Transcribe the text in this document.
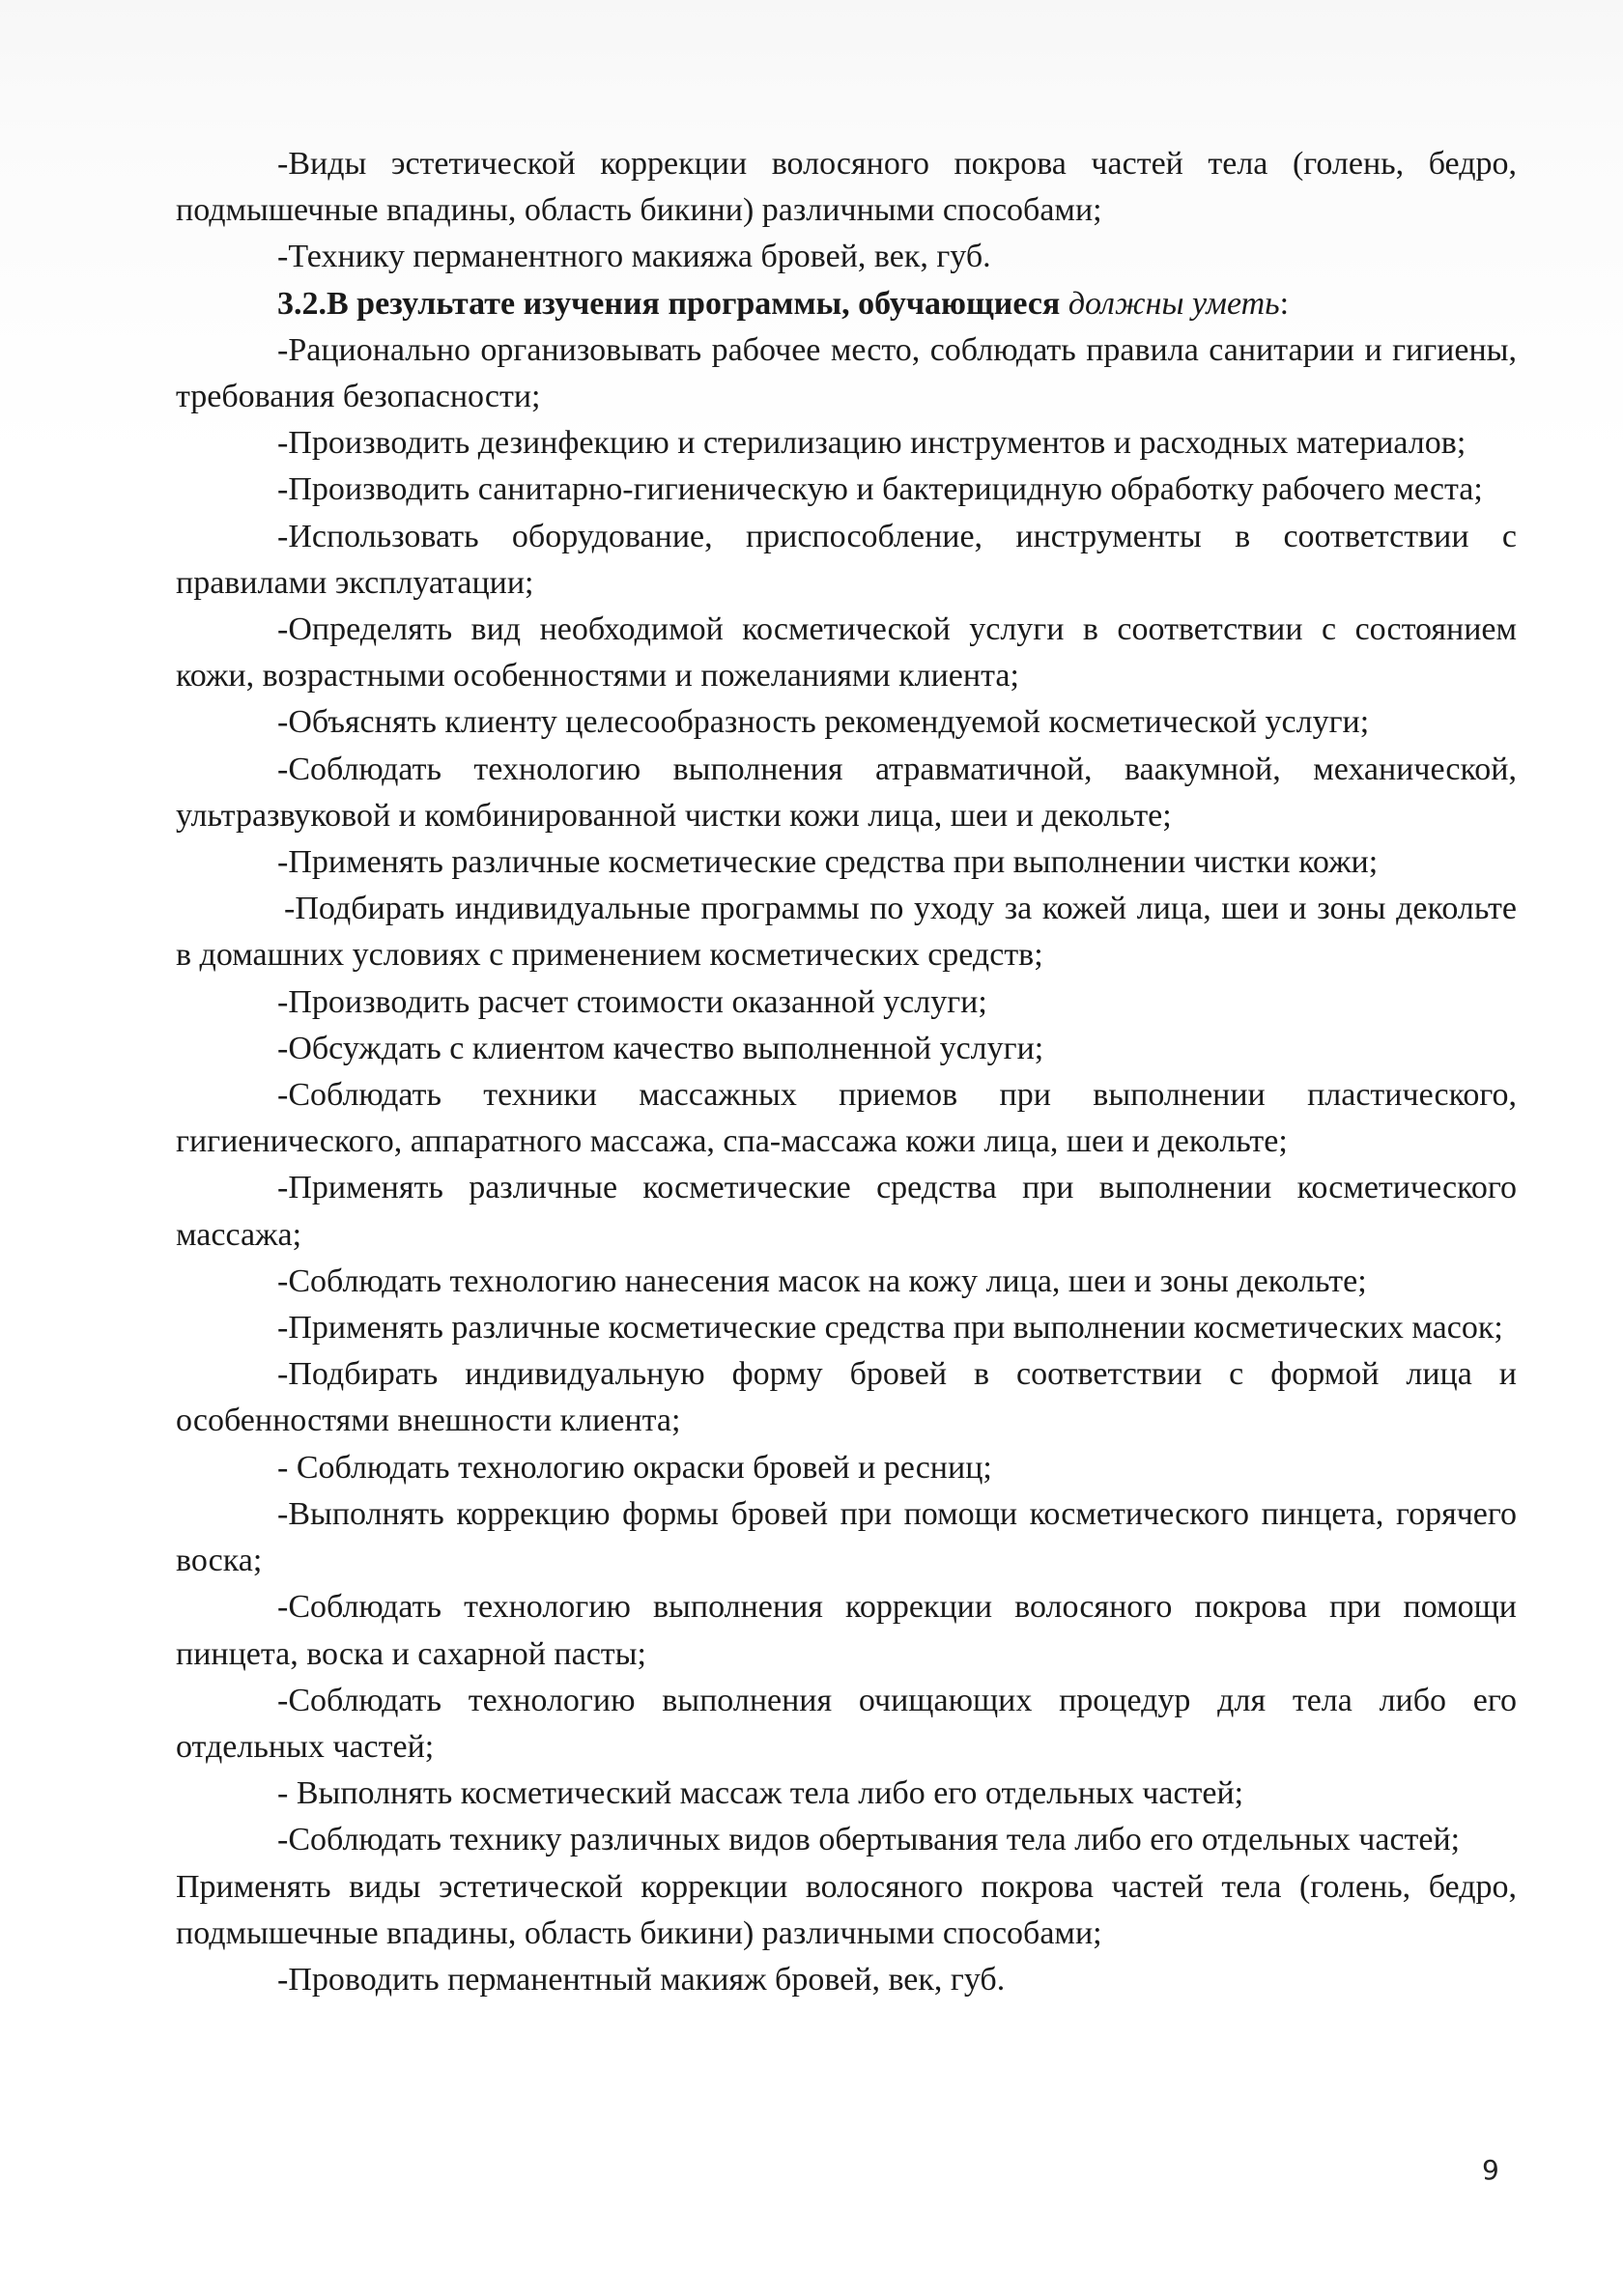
-Виды эстетической коррекции волосяного покрова частей тела (голень, бедро, подмышечные впадины, область бикини) различными способами;

-Технику перманентного макияжа бровей, век, губ.

3.2.В результате изучения программы, обучающиеся должны уметь:

-Рационально организовывать рабочее место, соблюдать правила санитарии и гигиены, требования безопасности;

-Производить дезинфекцию и стерилизацию инструментов и расходных материалов;

-Производить санитарно-гигиеническую и бактерицидную обработку рабочего места;

-Использовать оборудование, приспособление, инструменты в соответствии с правилами эксплуатации;

-Определять вид необходимой косметической услуги в соответствии с состоянием кожи, возрастными особенностями и пожеланиями клиента;

-Объяснять клиенту целесообразность рекомендуемой косметической услуги;

-Соблюдать технологию выполнения атравматичной, ваакумной, механической, ультразвуковой и комбинированной чистки кожи лица, шеи и декольте;

-Применять различные косметические средства при выполнении чистки кожи;

-Подбирать индивидуальные программы по уходу за кожей лица, шеи и зоны декольте в домашних условиях с применением косметических средств;

-Производить расчет стоимости оказанной услуги;

-Обсуждать с клиентом качество выполненной услуги;

-Соблюдать техники массажных приемов при выполнении пластического, гигиенического, аппаратного массажа, спа-массажа кожи лица, шеи и декольте;

-Применять различные косметические средства при выполнении косметического массажа;

-Соблюдать технологию нанесения масок на кожу лица, шеи и зоны декольте;

-Применять различные косметические средства при выполнении косметических масок;

-Подбирать индивидуальную форму бровей в соответствии с формой лица и особенностями внешности клиента;

- Соблюдать технологию окраски бровей и ресниц;

-Выполнять коррекцию формы бровей при помощи косметического пинцета, горячего воска;

-Соблюдать технологию выполнения коррекции волосяного покрова при помощи пинцета, воска и сахарной пасты;

-Соблюдать технологию выполнения очищающих процедур для тела либо его отдельных частей;

- Выполнять косметический массаж тела либо его отдельных частей;

-Соблюдать технику различных видов обертывания тела либо его отдельных частей;

Применять виды эстетической коррекции волосяного покрова частей тела (голень, бедро, подмышечные впадины, область бикини) различными способами;

-Проводить перманентный макияж бровей, век, губ.

9
